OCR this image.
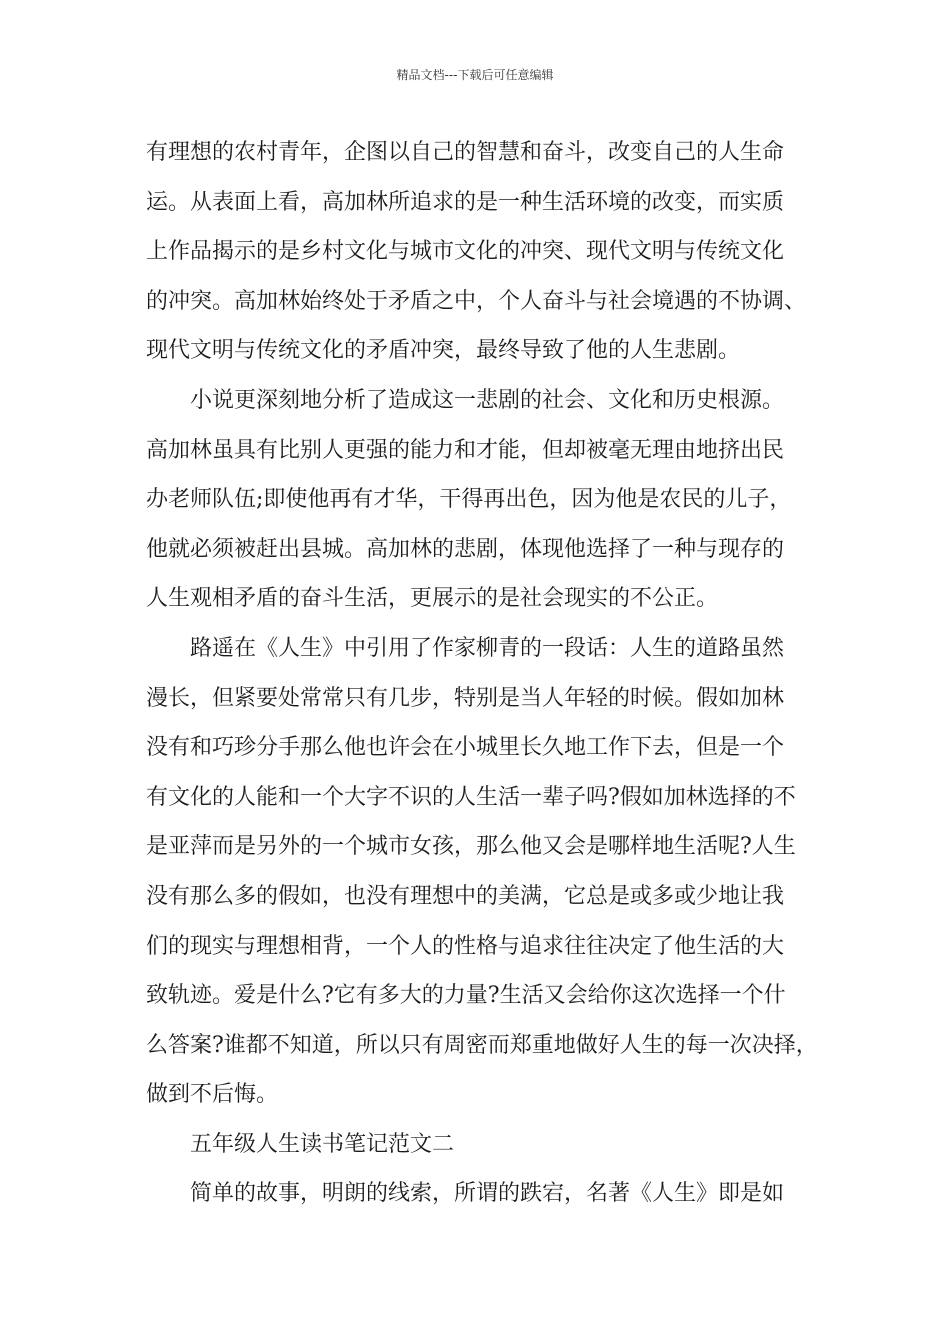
精品文档---下载后可任意编辑
有理想的农村青年，企图以自己的智慧和奋斗，改变自己的人生命
运。从表面上看，高加林所追求的是一种生活环境的改变，而实质
上作品揭示的是乡村文化与城市文化的冲突、现代文明与传统文化
的冲突。高加林始终处于矛盾之中，个人奋斗与社会境遇的不协调、
现代文明与传统文化的矛盾冲突，最终导致了他的人生悲剧。
小说更深刻地分析了造成这一悲剧的社会、文化和历史根源。
高加林虽具有比别人更强的能力和才能，但却被毫无理由地挤出民
办老师队伍;即使他再有才华，干得再出色，因为他是农民的儿子，
他就必须被赶出县城。高加林的悲剧，体现他选择了一种与现存的
人生观相矛盾的奋斗生活，更展示的是社会现实的不公正。
路遥在《人生》中引用了作家柳青的一段话：人生的道路虽然
漫长，但紧要处常常只有几步，特别是当人年轻的时候。假如加林
没有和巧珍分手那么他也许会在小城里长久地工作下去，但是一个
有文化的人能和一个大字不识的人生活一辈子吗?假如加林选择的不
是亚萍而是另外的一个城市女孩，那么他又会是哪样地生活呢?人生
没有那么多的假如，也没有理想中的美满，它总是或多或少地让我
们的现实与理想相背，一个人的性格与追求往往决定了他生活的大
致轨迹。爱是什么?它有多大的力量?生活又会给你这次选择一个什
么答案?谁都不知道，所以只有周密而郑重地做好人生的每一次决择，
做到不后悔。
五年级人生读书笔记范文二
简单的故事，明朗的线索，所谓的跌宕，名著《人生》即是如
